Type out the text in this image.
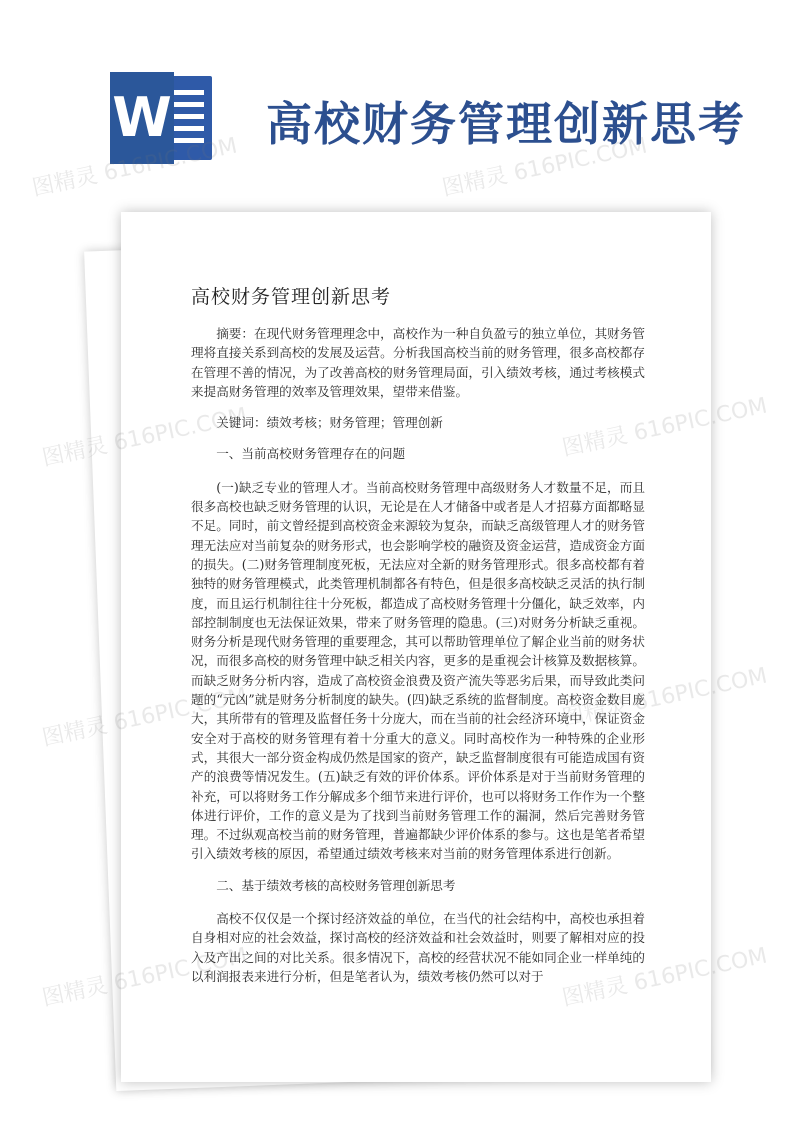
W 高校财务管理创新思考
高校财务管理创新思考

摘要：在现代财务管理理念中，高校作为一种自负盈亏的独立单位，其财务管理将直接关系到高校的发展及运营。分析我国高校当前的财务管理，很多高校都存在管理不善的情况，为了改善高校的财务管理局面，引入绩效考核，通过考核模式来提高财务管理的效率及管理效果，望带来借鉴。

关键词：绩效考核；财务管理；管理创新

一、当前高校财务管理存在的问题

(一)缺乏专业的管理人才。当前高校财务管理中高级财务人才数量不足，而且很多高校也缺乏财务管理的认识，无论是在人才储备中或者是人才招募方面都略显不足。同时，前文曾经提到高校资金来源较为复杂，而缺乏高级管理人才的财务管理无法应对当前复杂的财务形式，也会影响学校的融资及资金运营，造成资金方面的损失。(二)财务管理制度死板，无法应对全新的财务管理形式。很多高校都有着独特的财务管理模式，此类管理机制都各有特色，但是很多高校缺乏灵活的执行制度，而且运行机制往往十分死板，都造成了高校财务管理十分僵化，缺乏效率，内部控制制度也无法保证效果，带来了财务管理的隐患。(三)对财务分析缺乏重视。财务分析是现代财务管理的重要理念，其可以帮助管理单位了解企业当前的财务状况，而很多高校的财务管理中缺乏相关内容，更多的是重视会计核算及数据核算。而缺乏财务分析内容，造成了高校资金浪费及资产流失等恶劣后果，而导致此类问题的“元凶”就是财务分析制度的缺失。(四)缺乏系统的监督制度。高校资金数目庞大，其所带有的管理及监督任务十分庞大，而在当前的社会经济环境中，保证资金安全对于高校的财务管理有着十分重大的意义。同时高校作为一种特殊的企业形式，其很大一部分资金构成仍然是国家的资产，缺乏监督制度很有可能造成国有资产的浪费等情况发生。(五)缺乏有效的评价体系。评价体系是对于当前财务管理的补充，可以将财务工作分解成多个细节来进行评价，也可以将财务工作作为一个整体进行评价，工作的意义是为了找到当前财务管理工作的漏洞，然后完善财务管理。不过纵观高校当前的财务管理，普遍都缺少评价体系的参与。这也是笔者希望引入绩效考核的原因，希望通过绩效考核来对当前的财务管理体系进行创新。

二、基于绩效考核的高校财务管理创新思考

高校不仅仅是一个探讨经济效益的单位，在当代的社会结构中，高校也承担着自身相对应的社会效益，探讨高校的经济效益和社会效益时，则要了解相对应的投入及产出之间的对比关系。很多情况下，高校的经营状况不能如同企业一样单纯的以利润报表来进行分析，但是笔者认为，绩效考核仍然可以对于

图精灵 616PIC.COM	图精灵 616PIC.COM
图精灵
图精灵
图精灵
